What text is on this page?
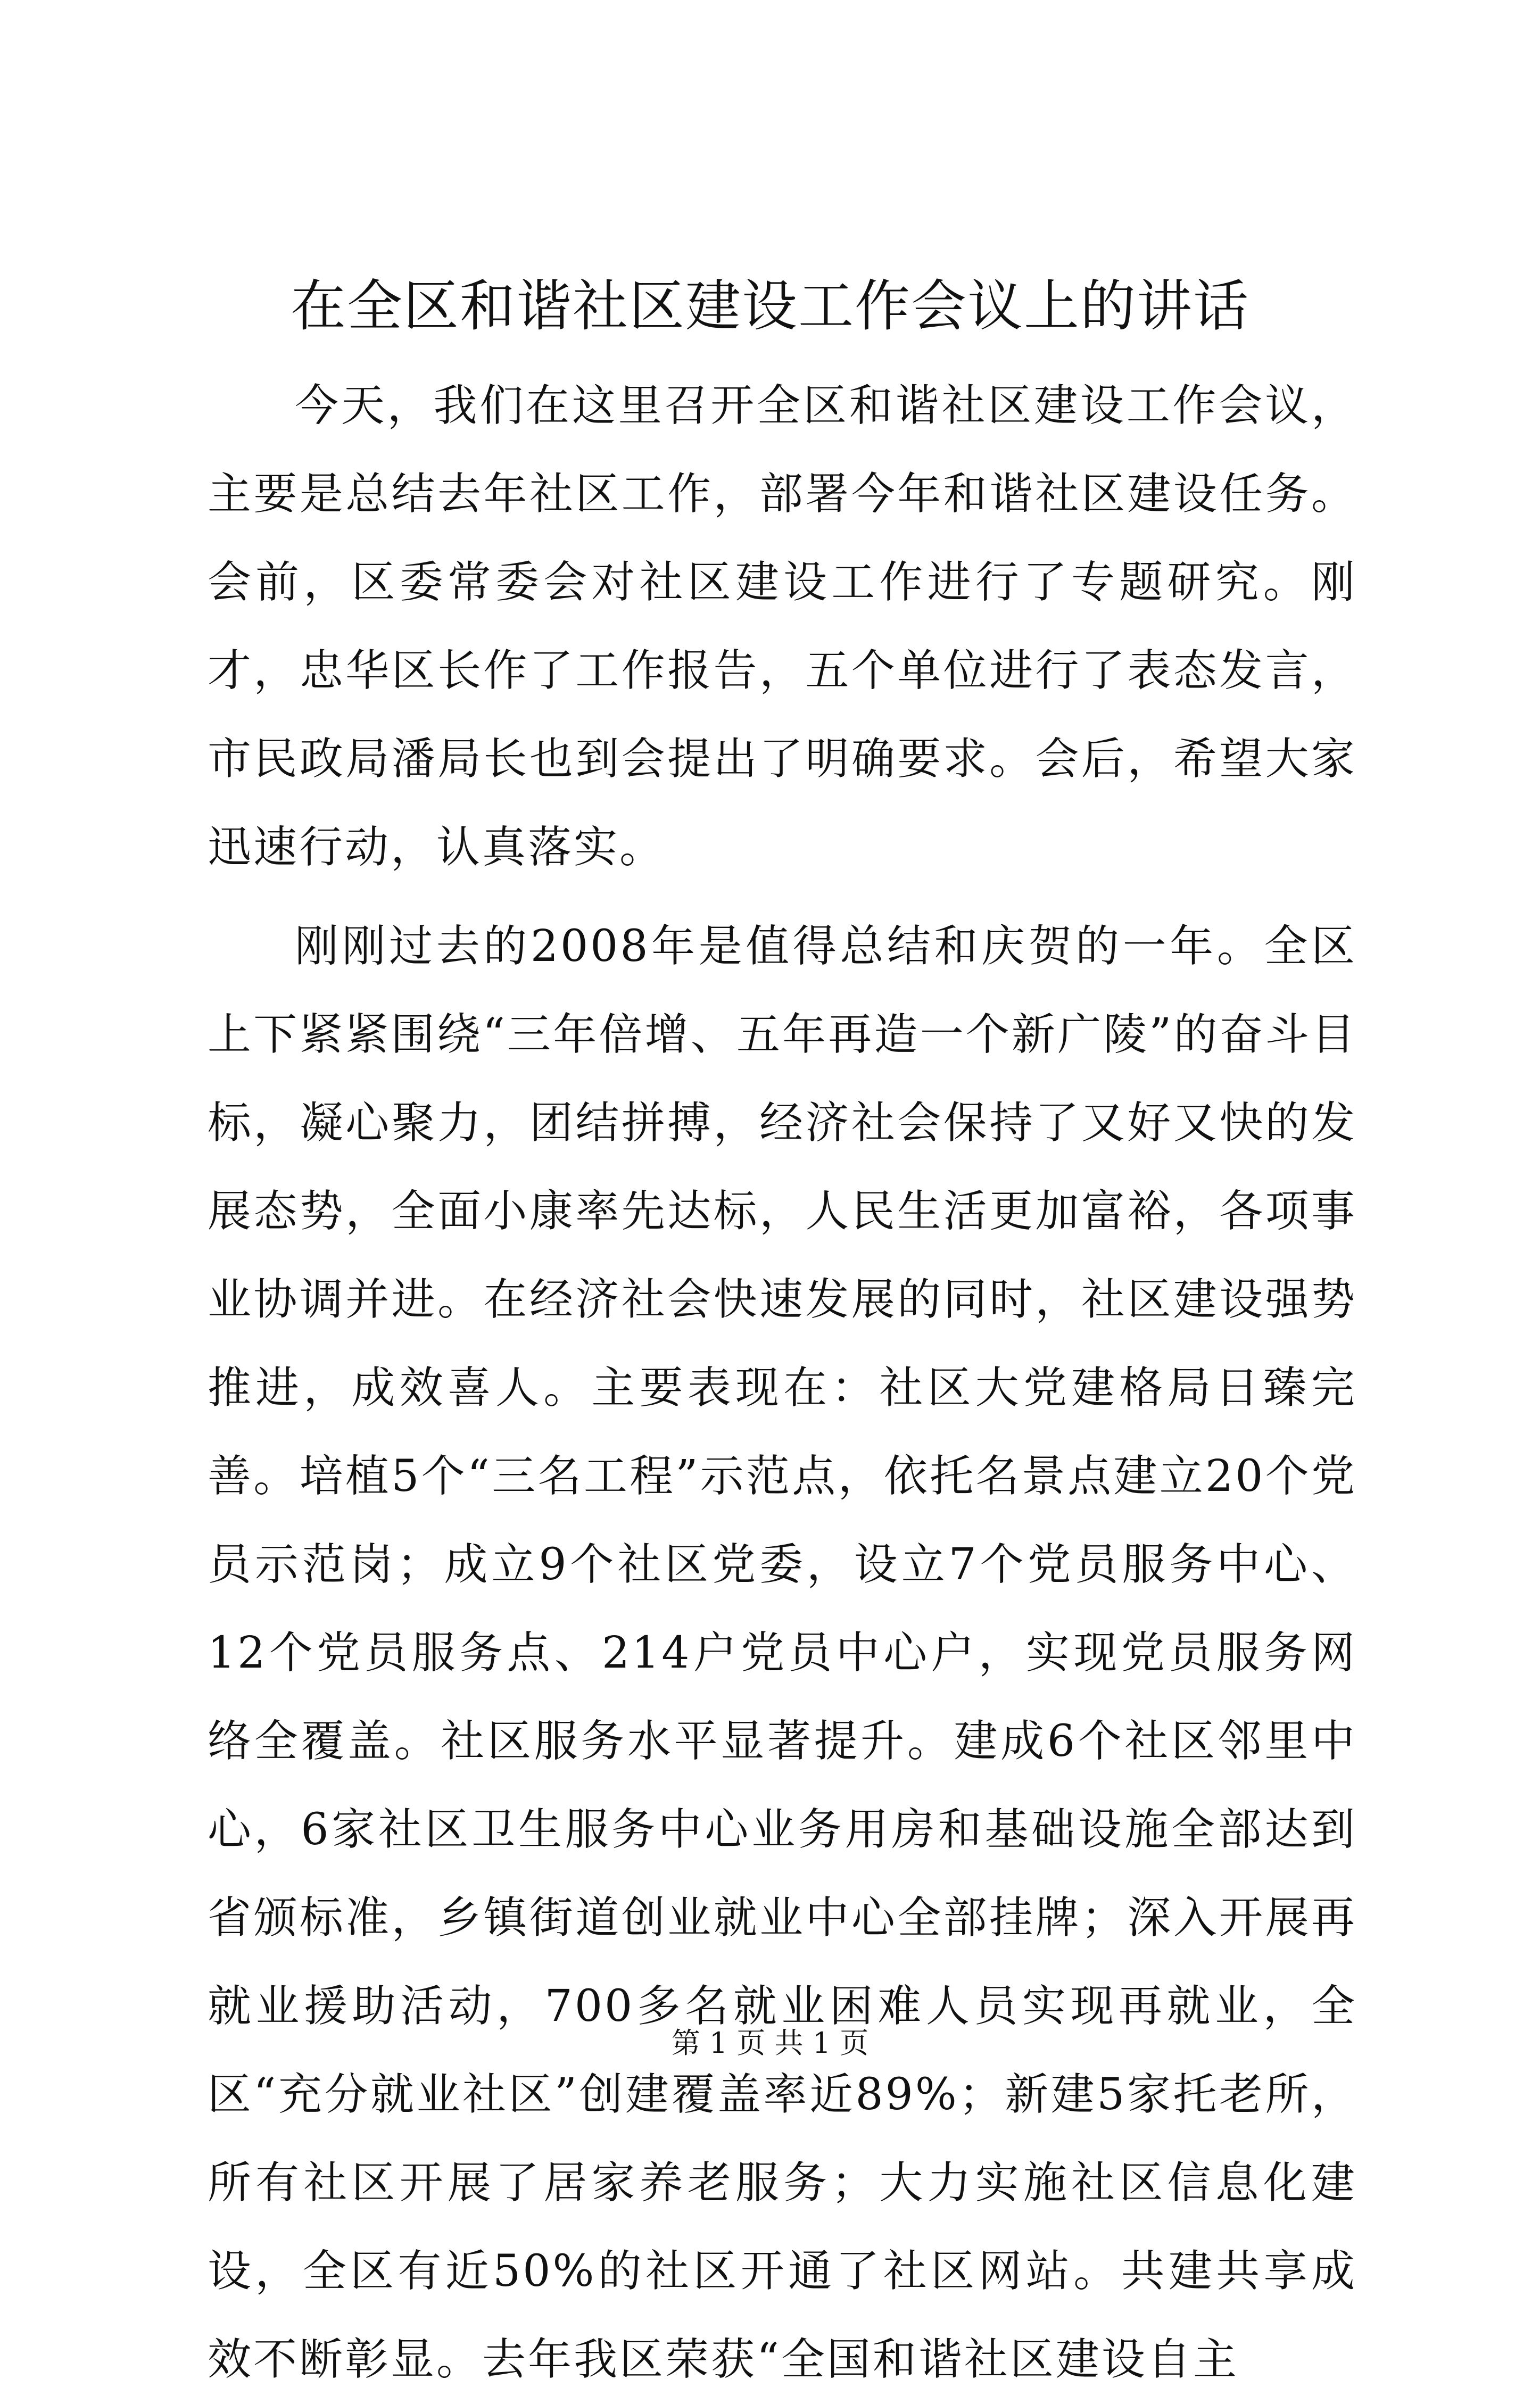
在全区和谐社区建设工作会议上的讲话

今天，我们在这里召开全区和谐社区建设工作会议，主要是总结去年社区工作，部署今年和谐社区建设任务。会前，区委常委会对社区建设工作进行了专题研究。刚才，忠华区长作了工作报告，五个单位进行了表态发言，市民政局潘局长也到会提出了明确要求。会后，希望大家迅速行动，认真落实。

刚刚过去的2008年是值得总结和庆贺的一年。全区上下紧紧围绕“三年倍增、五年再造一个新广陵”的奋斗目标，凝心聚力，团结拼搏，经济社会保持了又好又快的发展态势，全面小康率先达标，人民生活更加富裕，各项事业协调并进。在经济社会快速发展的同时，社区建设强势推进，成效喜人。主要表现在：社区大党建格局日臻完善。培植5个“三名工程”示范点，依托名景点建立20个党员示范岗；成立9个社区党委，设立7个党员服务中心、12个党员服务点、214户党员中心户，实现党员服务网络全覆盖。社区服务水平显著提升。建成6个社区邻里中心，6家社区卫生服务中心业务用房和基础设施全部达到省颁标准，乡镇街道创业就业中心全部挂牌；深入开展再就业援助活动，700多名就业困难人员实现再就业，全区“充分就业社区”创建覆盖率近89%；新建5家托老所，所有社区开展了居家养老服务；大力实施社区信息化建设，全区有近50%的社区开通了社区网站。共建共享成效不断彰显。去年我区荣获“全国和谐社区建设自主

第 1 页 共 1 页
